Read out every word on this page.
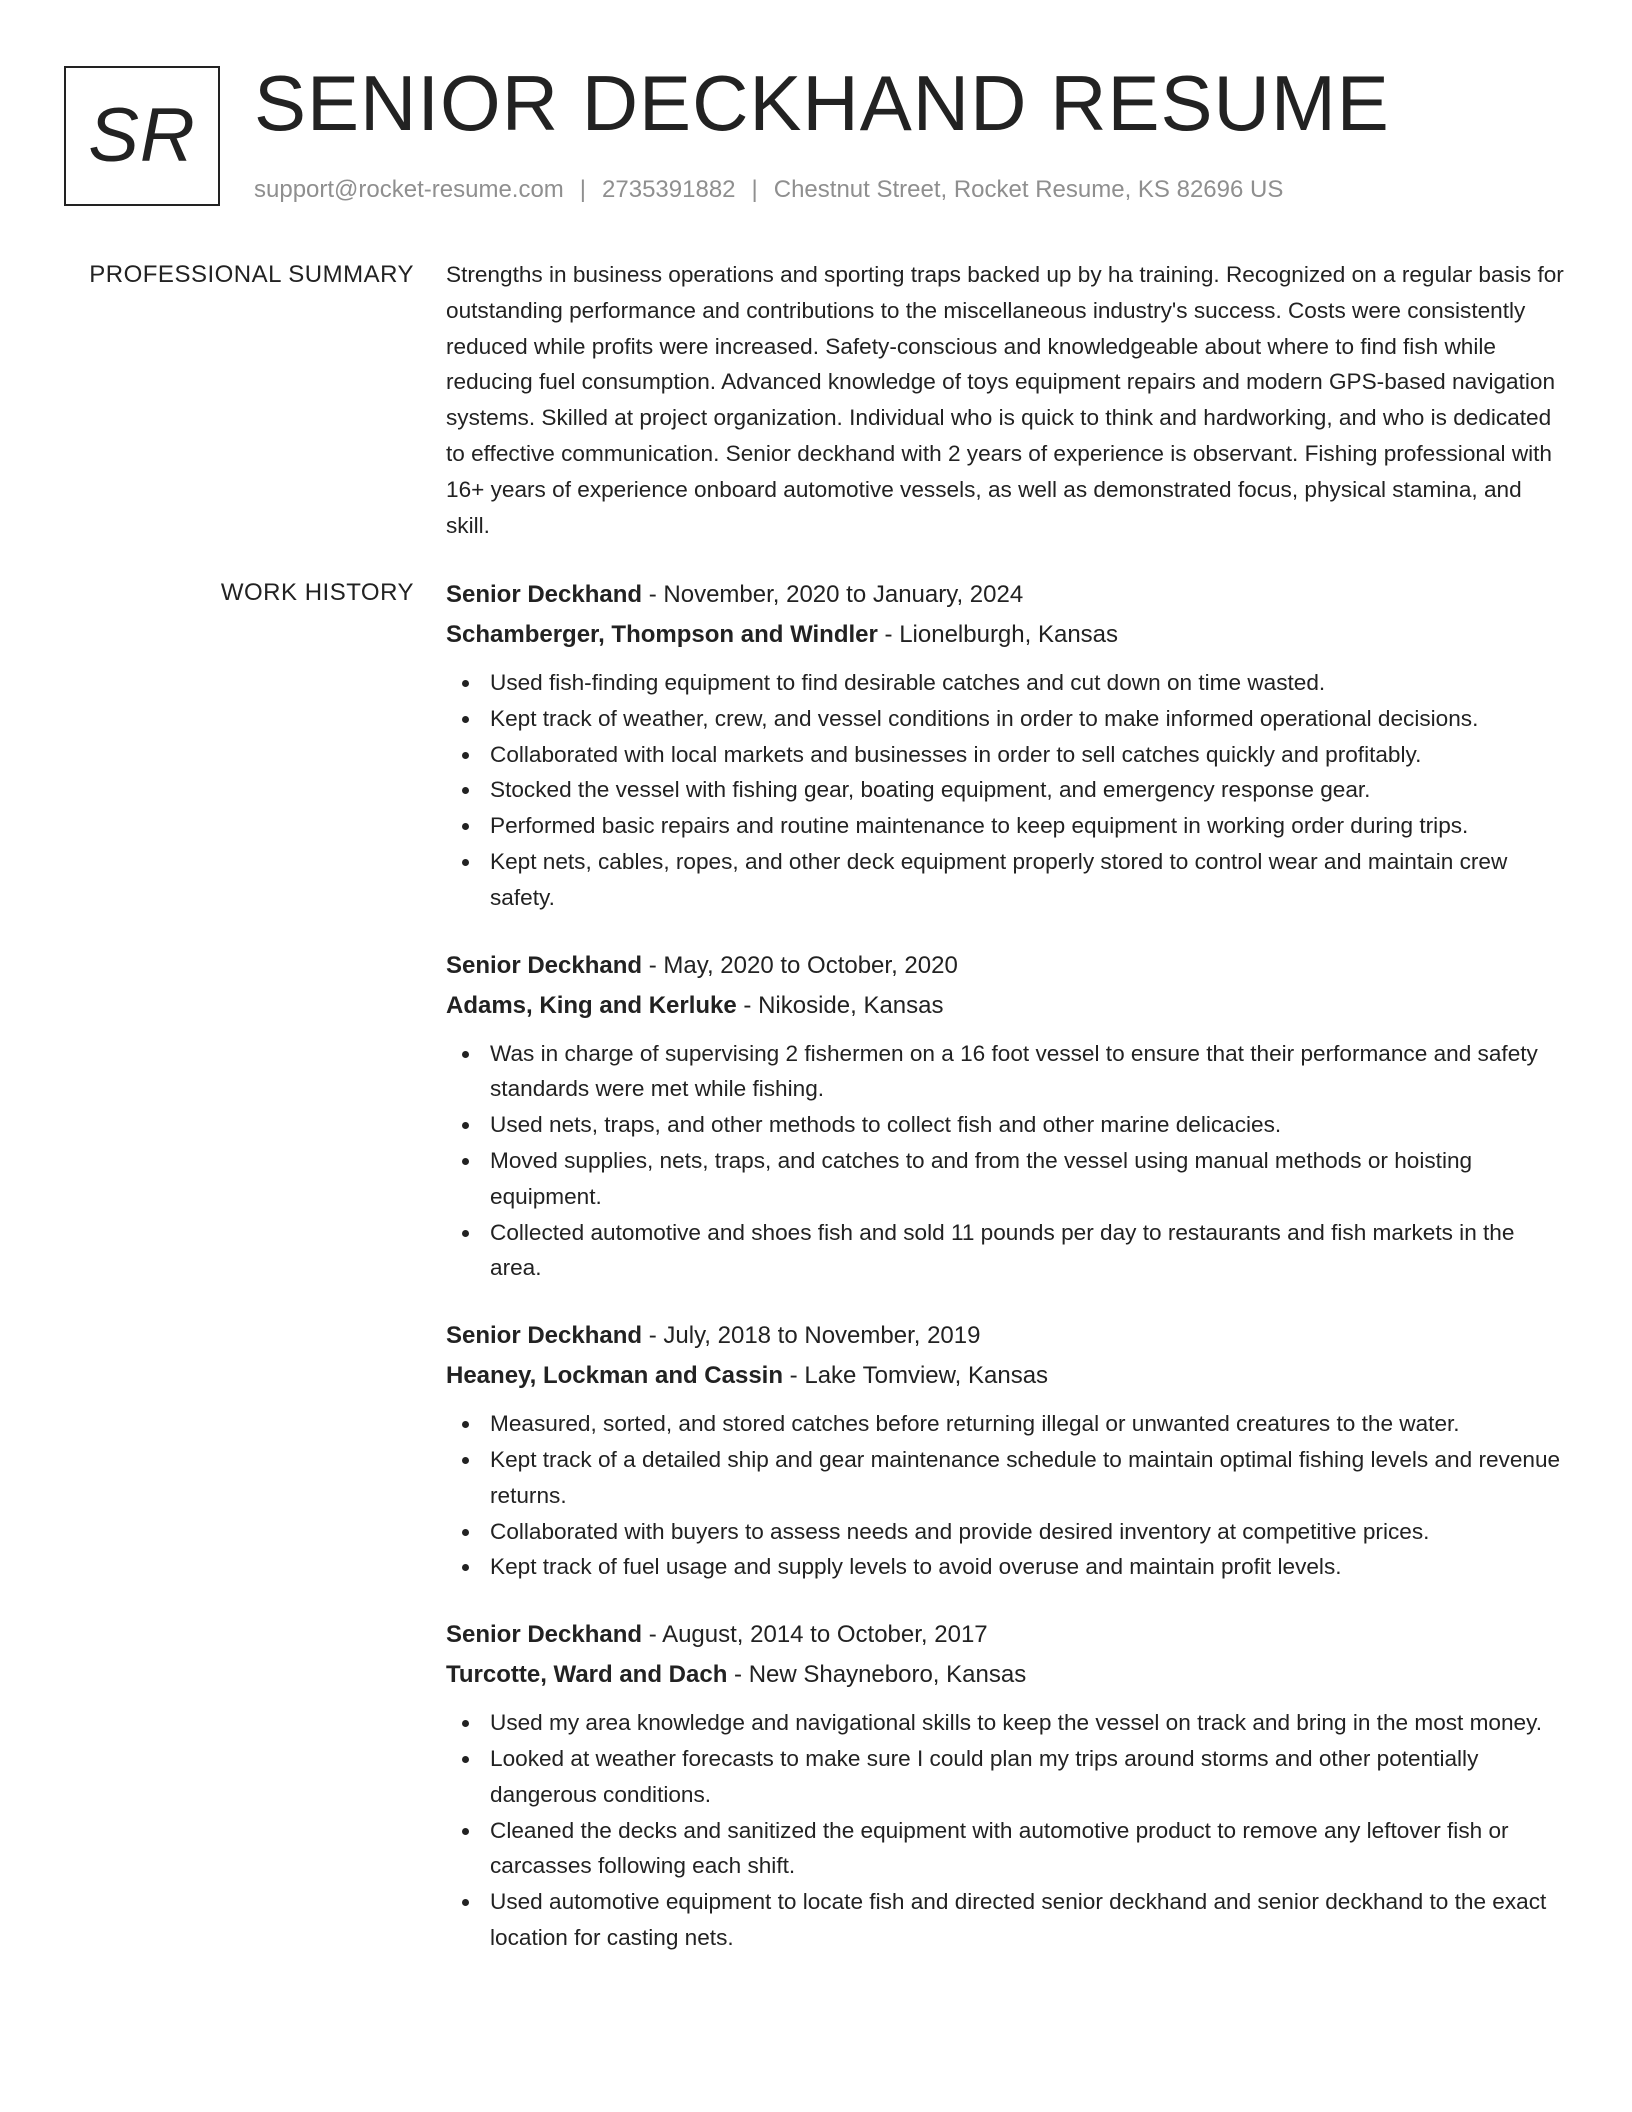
SR SENIOR DECKHAND RESUME
support@rocket-resume.com | 2735391882 | Chestnut Street, Rocket Resume, KS 82696 US
PROFESSIONAL SUMMARY Strengths in business operations and sporting traps backed up by ha training. Recognized on a regular basis for outstanding performance and contributions to the miscellaneous industry's success. Costs were consistently reduced while profits were increased. Safety-conscious and knowledgeable about where to find fish while reducing fuel consumption. Advanced knowledge of toys equipment repairs and modern GPS-based navigation systems. Skilled at project organization. Individual who is quick to think and hardworking, and who is dedicated to effective communication. Senior deckhand with 2 years of experience is observant. Fishing professional with 16+ years of experience onboard automotive vessels, as well as demonstrated focus, physical stamina, and skill.

WORK HISTORY Senior Deckhand - November, 2020 to January, 2024
Schamberger, Thompson and Windler - Lionelburgh, Kansas
Used fish-finding equipment to find desirable catches and cut down on time wasted.
Kept track of weather, crew, and vessel conditions in order to make informed operational decisions.
Collaborated with local markets and businesses in order to sell catches quickly and profitably.
Stocked the vessel with fishing gear, boating equipment, and emergency response gear.
Performed basic repairs and routine maintenance to keep equipment in working order during trips.
Kept nets, cables, ropes, and other deck equipment properly stored to control wear and maintain crew safety.
Senior Deckhand - May, 2020 to October, 2020
Adams, King and Kerluke - Nikoside, Kansas
Was in charge of supervising 2 fishermen on a 16 foot vessel to ensure that their performance and safety standards were met while fishing.
Used nets, traps, and other methods to collect fish and other marine delicacies.
Moved supplies, nets, traps, and catches to and from the vessel using manual methods or hoisting equipment.
Collected automotive and shoes fish and sold 11 pounds per day to restaurants and fish markets in the area.
Senior Deckhand - July, 2018 to November, 2019
Heaney, Lockman and Cassin - Lake Tomview, Kansas
Measured, sorted, and stored catches before returning illegal or unwanted creatures to the water.
Kept track of a detailed ship and gear maintenance schedule to maintain optimal fishing levels and revenue returns.
Collaborated with buyers to assess needs and provide desired inventory at competitive prices.
Kept track of fuel usage and supply levels to avoid overuse and maintain profit levels.
Senior Deckhand - August, 2014 to October, 2017
Turcotte, Ward and Dach - New Shayneboro, Kansas
Used my area knowledge and navigational skills to keep the vessel on track and bring in the most money.
Looked at weather forecasts to make sure I could plan my trips around storms and other potentially dangerous conditions.
Cleaned the decks and sanitized the equipment with automotive product to remove any leftover fish or carcasses following each shift.
Used automotive equipment to locate fish and directed senior deckhand and senior deckhand to the exact location for casting nets.
